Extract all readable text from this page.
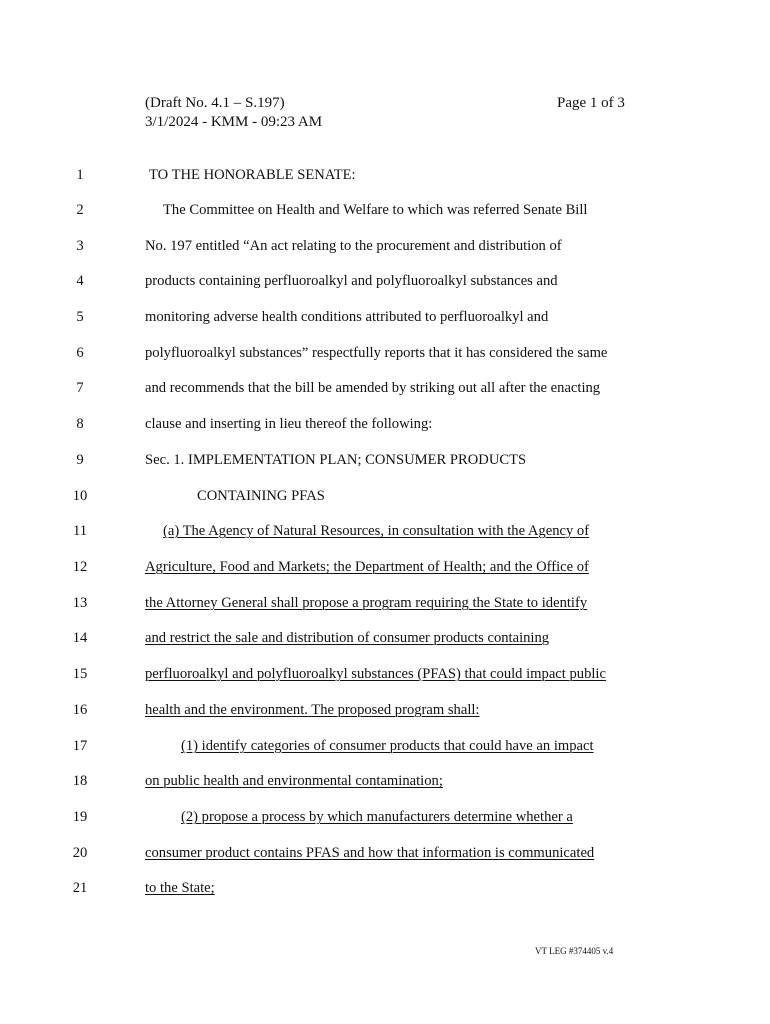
(Draft No. 4.1 – S.197)
3/1/2024 - KMM - 09:23 AM
Page 1 of 3
1	TO THE HONORABLE SENATE:
2	The Committee on Health and Welfare to which was referred Senate Bill
3	No. 197 entitled “An act relating to the procurement and distribution of
4	products containing perfluoroalkyl and polyfluoroalkyl substances and
5	monitoring adverse health conditions attributed to perfluoroalkyl and
6	polyfluoroalkyl substances” respectfully reports that it has considered the same
7	and recommends that the bill be amended by striking out all after the enacting
8	clause and inserting in lieu thereof the following:
9	Sec. 1. IMPLEMENTATION PLAN; CONSUMER PRODUCTS
10	CONTAINING PFAS
11	(a) The Agency of Natural Resources, in consultation with the Agency of
12	Agriculture, Food and Markets; the Department of Health; and the Office of
13	the Attorney General shall propose a program requiring the State to identify
14	and restrict the sale and distribution of consumer products containing
15	perfluoroalkyl and polyfluoroalkyl substances (PFAS) that could impact public
16	health and the environment. The proposed program shall:
17	(1) identify categories of consumer products that could have an impact
18	on public health and environmental contamination;
19	(2) propose a process by which manufacturers determine whether a
20	consumer product contains PFAS and how that information is communicated
21	to the State;
VT LEG #374405 v.4
